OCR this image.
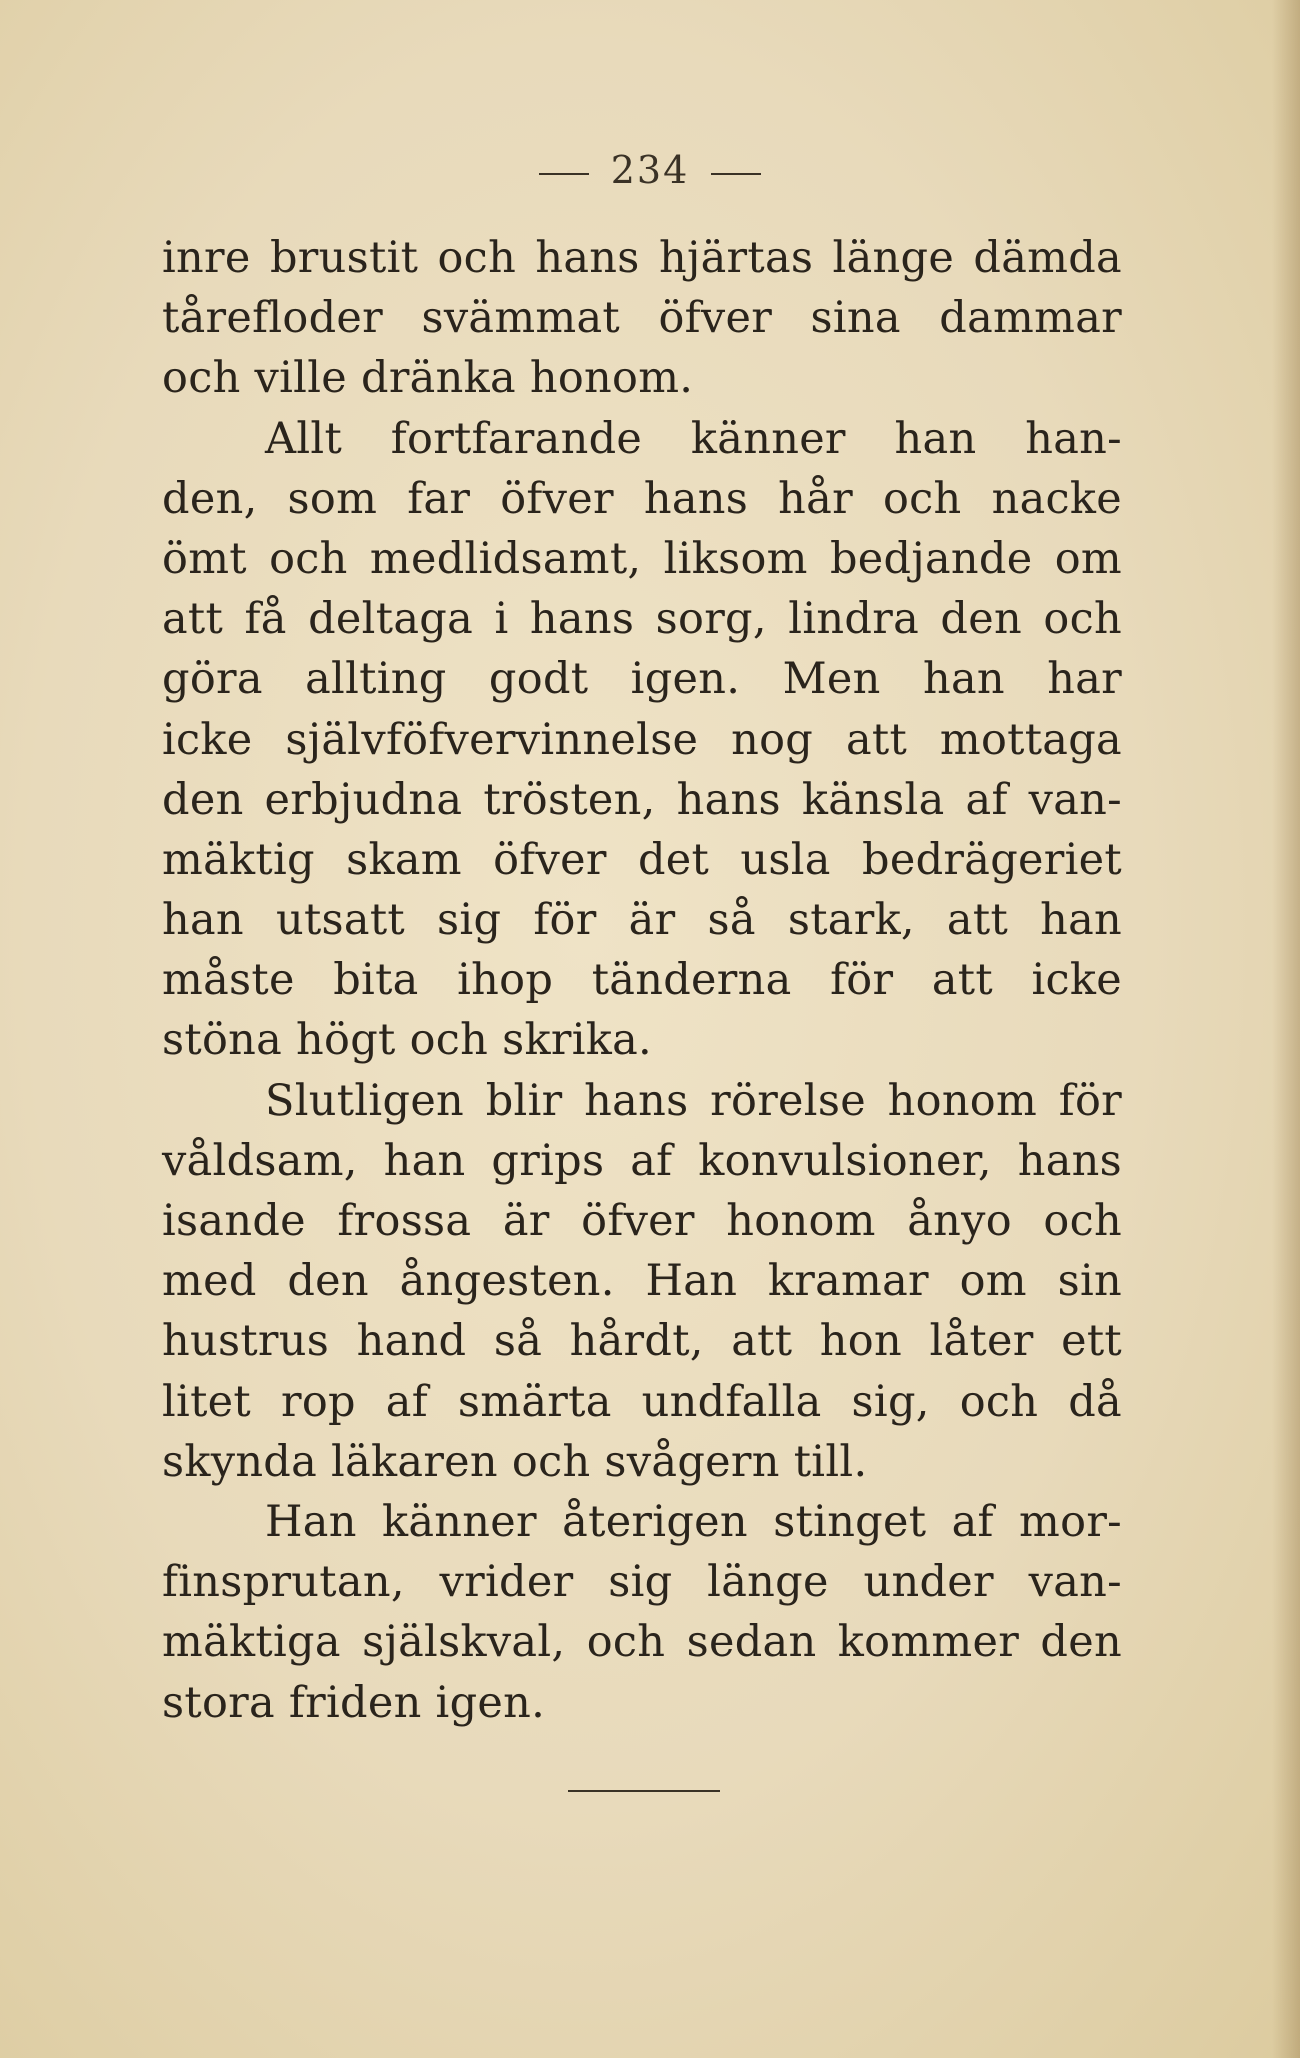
234
inre brustit och hans hjärtas länge dämda
tårefloder svämmat öfver sina dammar
och ville dränka honom.
Allt fortfarande känner han han-
den, som far öfver hans hår och nacke
ömt och medlidsamt, liksom bedjande om
att få deltaga i hans sorg, lindra den och
göra allting godt igen. Men han har
icke självföfvervinnelse nog att mottaga
den erbjudna trösten, hans känsla af van-
mäktig skam öfver det usla bedrägeriet
han utsatt sig för är så stark, att han
måste bita ihop tänderna för att icke
stöna högt och skrika.
Slutligen blir hans rörelse honom för
våldsam, han grips af konvulsioner, hans
isande frossa är öfver honom ånyo och
med den ångesten. Han kramar om sin
hustrus hand så hårdt, att hon låter ett
litet rop af smärta undfalla sig, och då
skynda läkaren och svågern till.
Han känner återigen stinget af mor-
finsprutan, vrider sig länge under van-
mäktiga själskval, och sedan kommer den
stora friden igen.
